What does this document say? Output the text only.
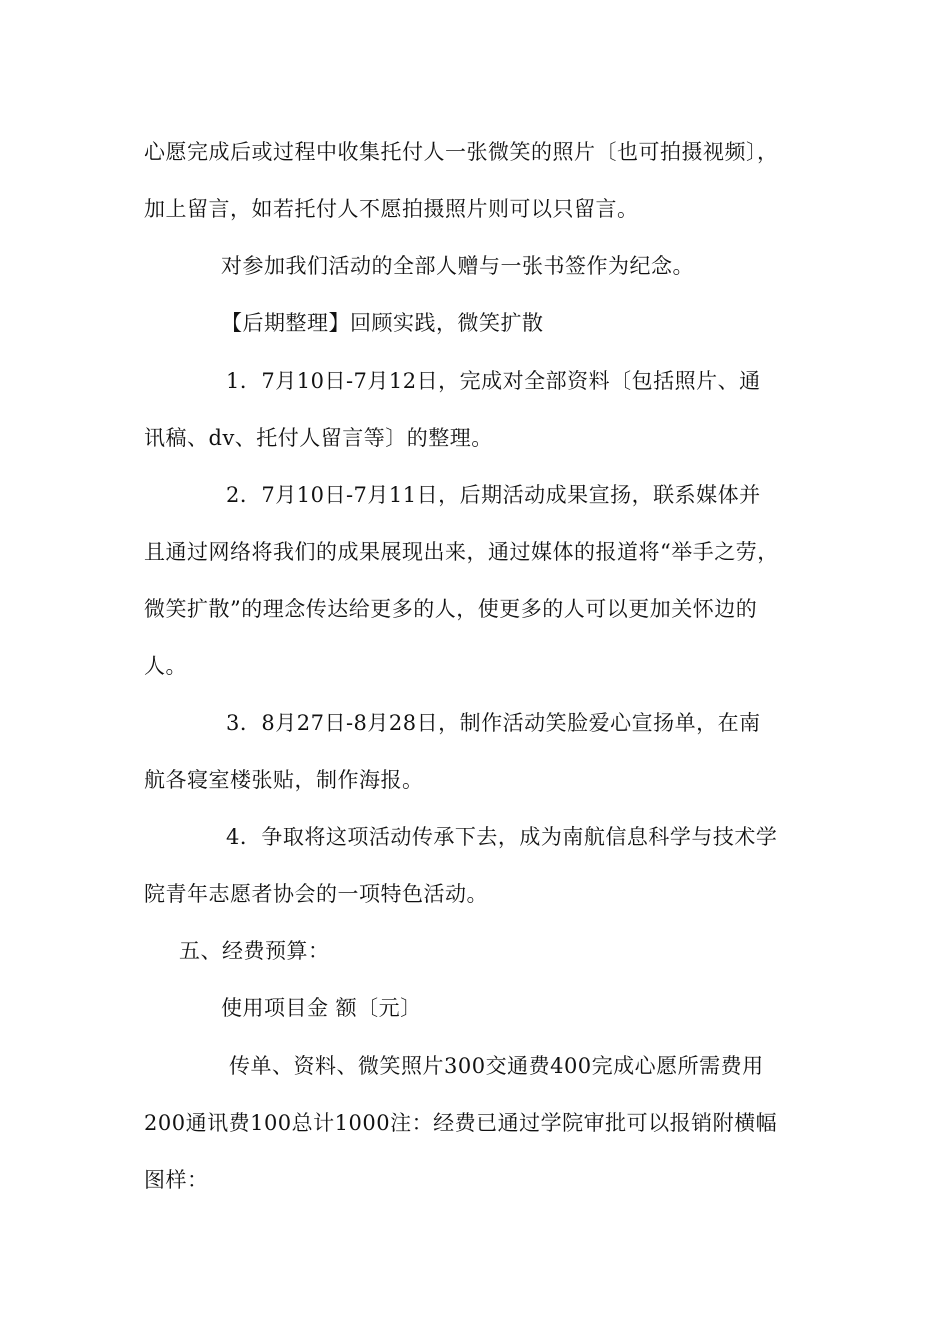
心愿完成后或过程中收集托付人一张微笑的照片〔也可拍摄视频〕，
加上留言，如若托付人不愿拍摄照片则可以只留言。
对参加我们活动的全部人赠与一张书签作为纪念。
【后期整理】回顾实践，微笑扩散
1．7月10日-7月12日，完成对全部资料〔包括照片、通
讯稿、dv、托付人留言等〕的整理。
2．7月10日-7月11日，后期活动成果宣扬，联系媒体并
且通过网络将我们的成果展现出来，通过媒体的报道将“举手之劳，
微笑扩散”的理念传达给更多的人，使更多的人可以更加关怀边的
人。
3．8月27日-8月28日，制作活动笑脸爱心宣扬单，在南
航各寝室楼张贴，制作海报。
4．争取将这项活动传承下去，成为南航信息科学与技术学
院青年志愿者协会的一项特色活动。
五、经费预算：
使用项目金 额〔元〕
传单、资料、微笑照片300交通费400完成心愿所需费用
200通讯费100总计1000注：经费已通过学院审批可以报销附横幅
图样：
